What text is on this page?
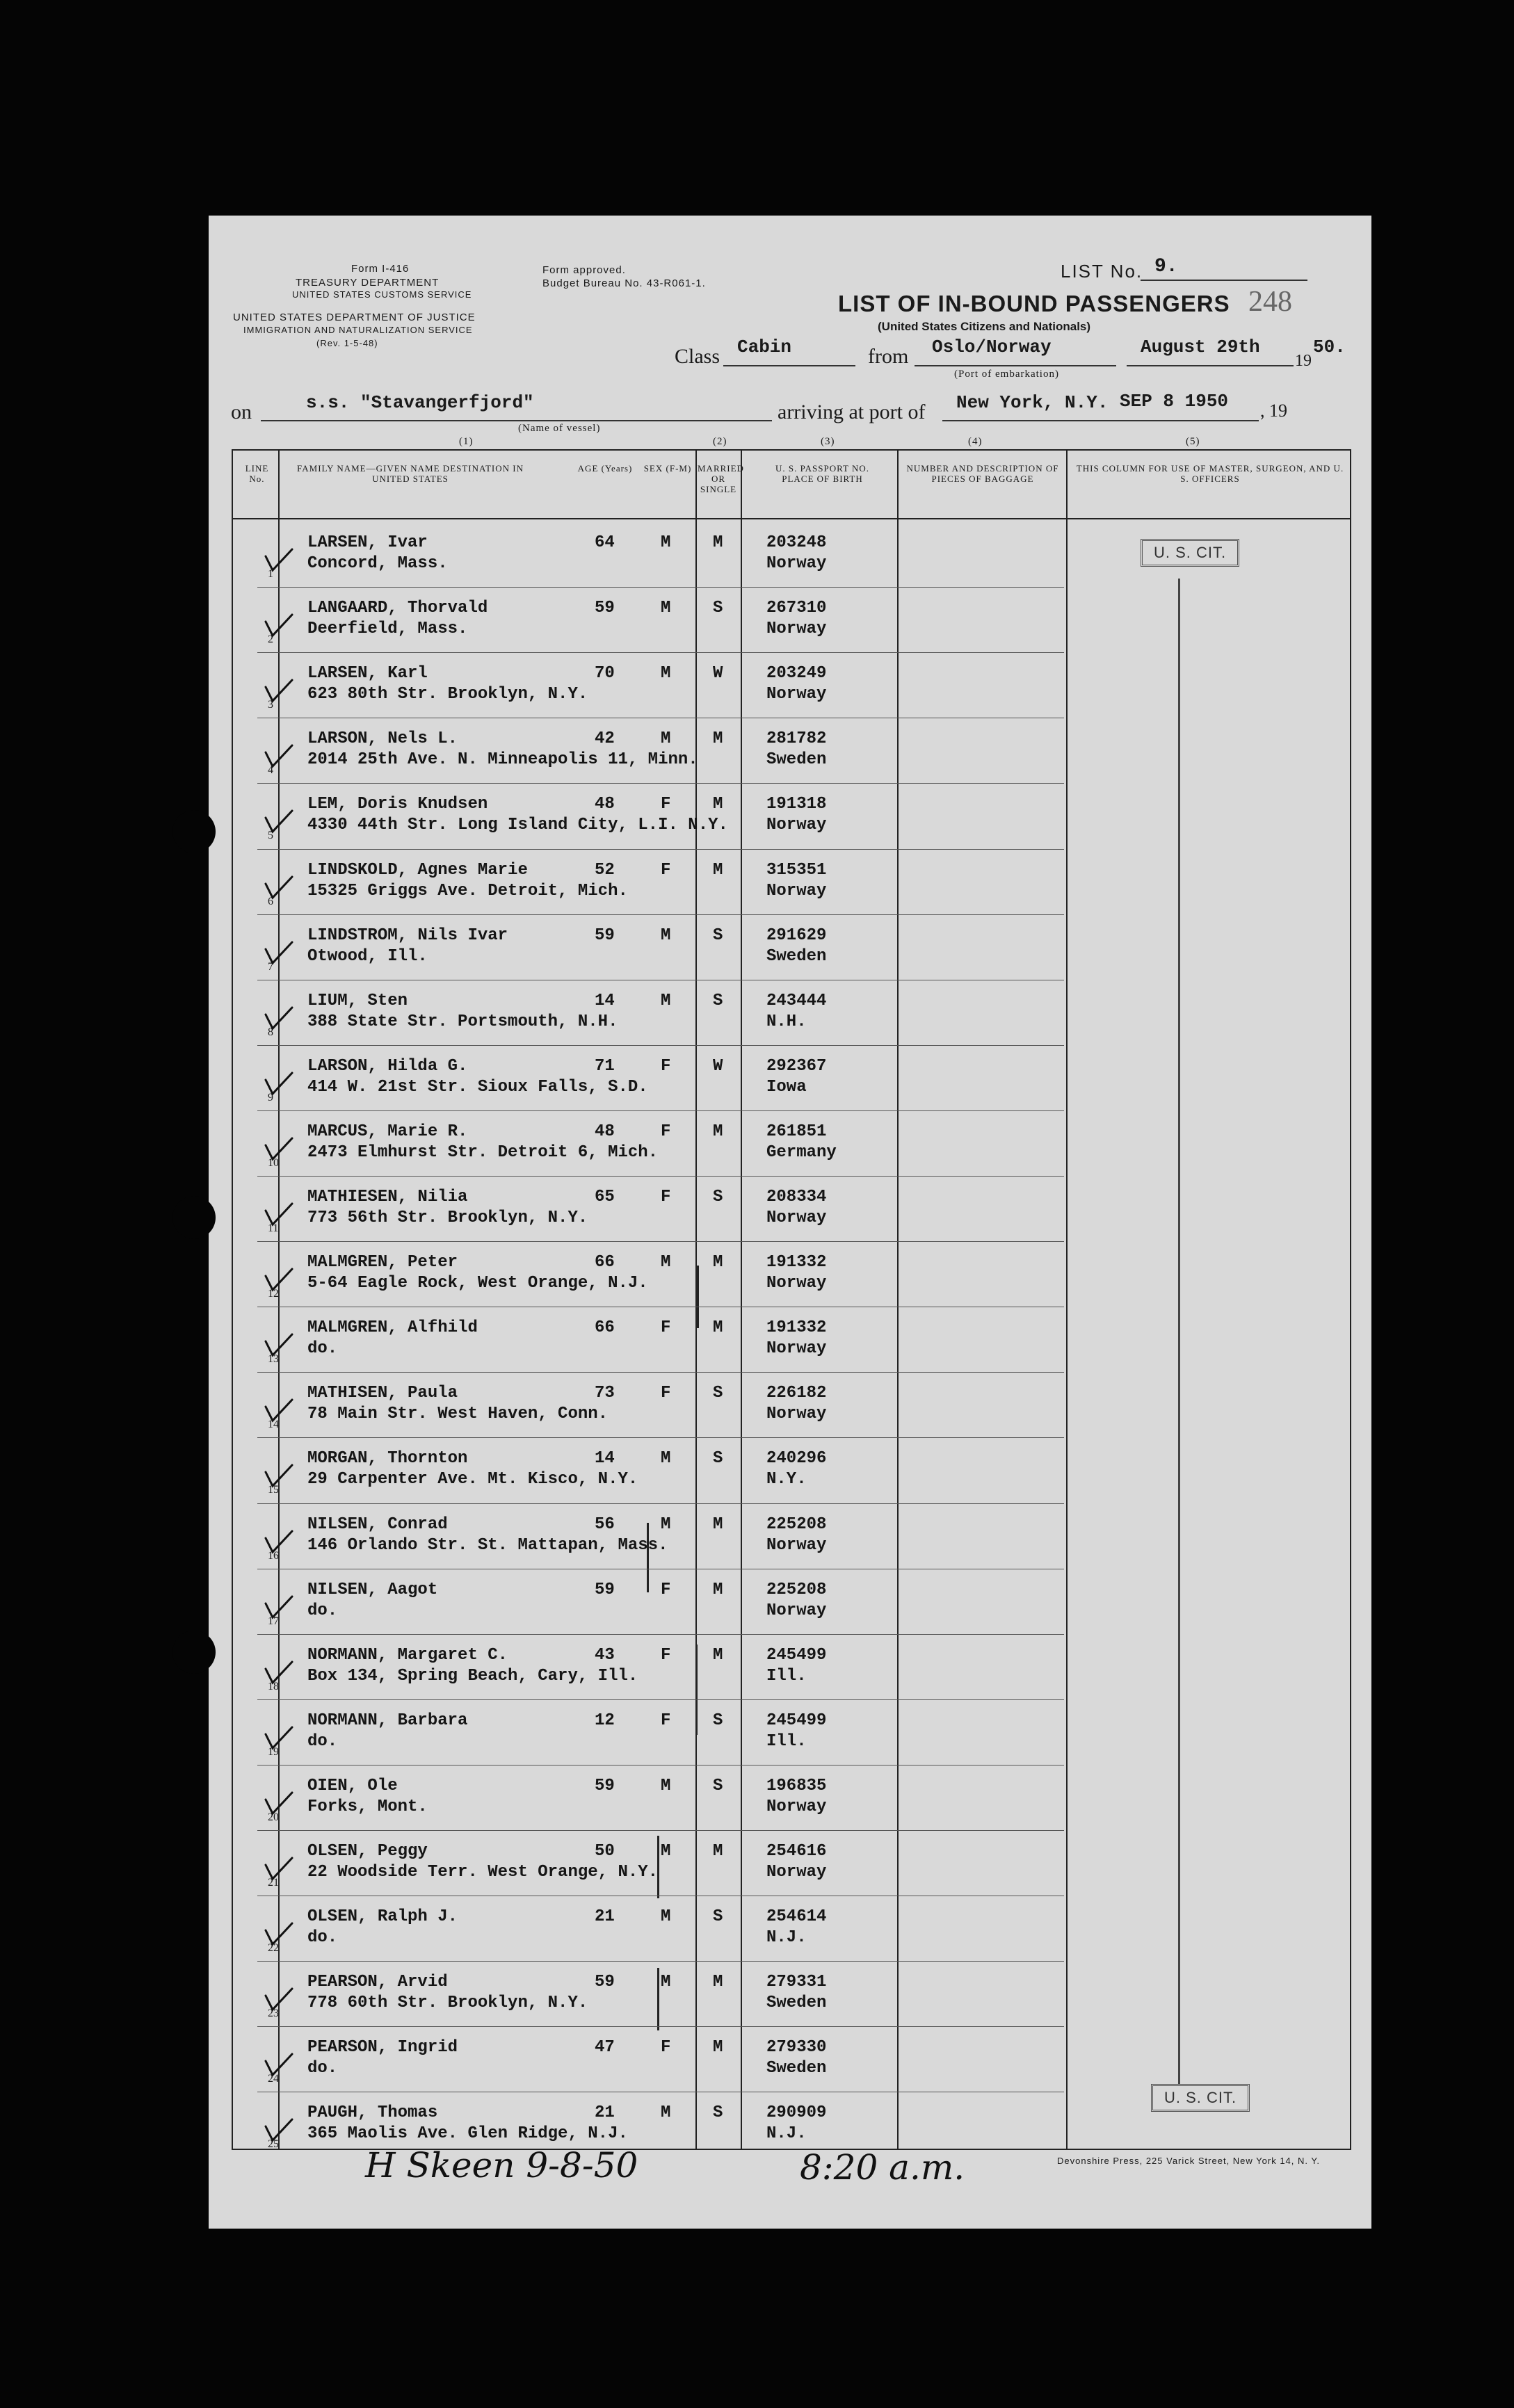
Form I-416
TREASURY DEPARTMENT
UNITED STATES CUSTOMS SERVICE
Form approved.
Budget Bureau No. 43-R061-1.
UNITED STATES DEPARTMENT OF JUSTICE
IMMIGRATION AND NATURALIZATION SERVICE
(Rev. 1-5-48)
LIST No. 9.
248
LIST OF IN-BOUND PASSENGERS
(United States Citizens and Nationals)
Class Cabin	from Oslo/Norway
(Port of embarkation)
August 29th
19
50.
on	s.s. "Stavangerfjord"
(Name of vessel)
arriving at port of New York, N.Y. SEP 8 1950 , 19
(1)	(2)	(3)	(4)	(5)
LINE No.
FAMILY NAME—GIVEN NAME DESTINATION IN UNITED STATES
AGE (Years) SEX (F-M) MARRIED OR SINGLE
U. S. PASSPORT NO. PLACE OF BIRTH
NUMBER AND DESCRIPTION OF PIECES OF BAGGAGE
THIS COLUMN FOR USE OF MASTER, SURGEON, AND U. S. OFFICERS
U. S. CIT.
U. S. CIT.
LARSEN, Ivar
Concord, Mass.
64	M	M	203248
Norway
1
LANGAARD, Thorvald
Deerfield, Mass.
59	M	S	267310
Norway
2
LARSEN, Karl
623 80th Str. Brooklyn, N.Y.
70	M	W	203249
Norway
3
LARSON, Nels L.
2014 25th Ave. N. Minneapolis 11, Minn.
42	M	M	281782
Sweden
4
LEM, Doris Knudsen
4330 44th Str. Long Island City, L.I. N.Y.
48	F	M	191318
Norway
5
LINDSKOLD, Agnes Marie
15325 Griggs Ave. Detroit, Mich.
52	F	M	315351
Norway
6
LINDSTROM, Nils Ivar
Otwood, Ill.
59	M	S	291629
Sweden
7
LIUM, Sten
388 State Str. Portsmouth, N.H.
14	M	S	243444
N.H.
8
LARSON, Hilda G.
414 W. 21st Str. Sioux Falls, S.D.
71	F	W	292367
Iowa
9
MARCUS, Marie R.
2473 Elmhurst Str. Detroit 6, Mich.
48	F	M	261851
Germany
10
MATHIESEN, Nilia
773 56th Str. Brooklyn, N.Y.
65	F	S	208334
Norway
11
MALMGREN, Peter
5-64 Eagle Rock, West Orange, N.J.
66	M	M	191332
Norway
12
MALMGREN, Alfhild
do.
66	F	M	191332
Norway
13
MATHISEN, Paula
78 Main Str. West Haven, Conn.
73	F	S	226182
Norway
14
MORGAN, Thornton
29 Carpenter Ave. Mt. Kisco, N.Y.
14	M	S	240296
N.Y.
15
NILSEN, Conrad
146 Orlando Str. St. Mattapan, Mass.
56	M	M	225208
Norway
16
NILSEN, Aagot
do.
59	F	M	225208
Norway
17
NORMANN, Margaret C.
Box 134, Spring Beach, Cary, Ill.
43	F	M	245499
Ill.
18
NORMANN, Barbara
do.
12	F	S	245499
Ill.
19
OIEN, Ole
Forks, Mont.
59	M	S	196835
Norway
20
OLSEN, Peggy
22 Woodside Terr. West Orange, N.Y.
50	M	M	254616
Norway
21
OLSEN, Ralph J.
do.
21	M	S	254614
N.J.
22
PEARSON, Arvid
778 60th Str. Brooklyn, N.Y.
59	M	M	279331
Sweden
23
PEARSON, Ingrid
do.
47	F	M	279330
Sweden
24
PAUGH, Thomas
365 Maolis Ave. Glen Ridge, N.J.
21	M	S	290909
N.J.
25
H Skeen 9-8-50	8:20 a.m.	Devonshire Press, 225 Varick Street, New York 14, N. Y.
